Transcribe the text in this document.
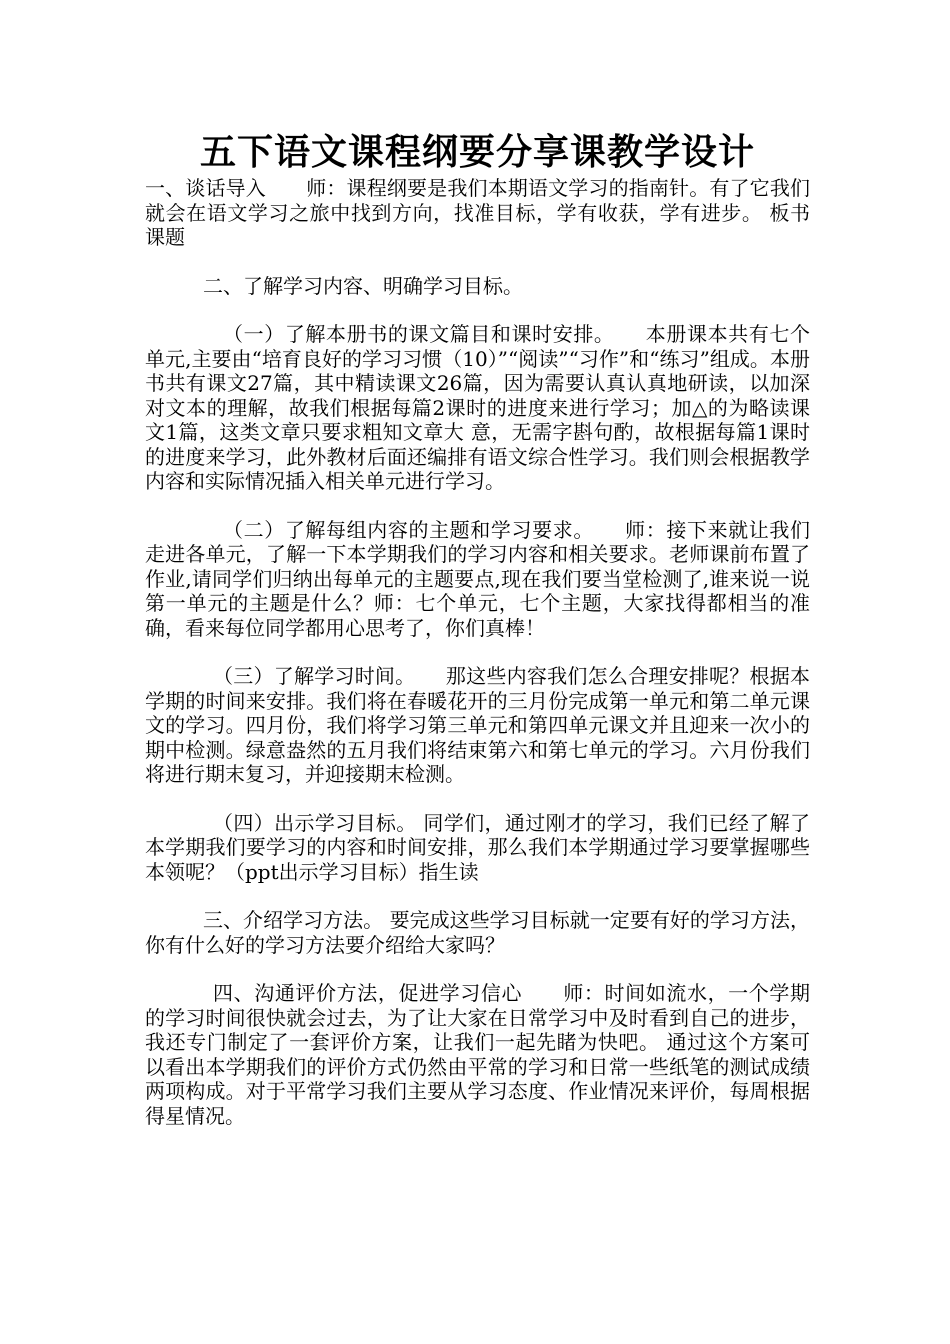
五下语文课程纲要分享课教学设计

一、谈话导入　　师：课程纲要是我们本期语文学习的指南针。有了它我们就会在语文学习之旅中找到方向，找准目标，学有收获，学有进步。 板书课题

二、了解学习内容、明确学习目标。

（一）了解本册书的课文篇目和课时安排。　　本册课本共有七个单元,主要由“培育良好的学习习惯（10）”“阅读”“习作”和“练习”组成。本册书共有课文27篇，其中精读课文26篇，因为需要认真认真地研读，以加深对文本的理解，故我们根据每篇2课时的进度来进行学习；加△的为略读课文1篇，这类文章只要求粗知文章大 意，无需字斟句酌，故根据每篇1课时的进度来学习，此外教材后面还编排有语文综合性学习。我们则会根据教学内容和实际情况插入相关单元进行学习。

（二）了解每组内容的主题和学习要求。　　师：接下来就让我们走进各单元，了解一下本学期我们的学习内容和相关要求。老师课前布置了作业,请同学们归纳出每单元的主题要点,现在我们要当堂检测了,谁来说一说第一单元的主题是什么？师：七个单元，七个主题，大家找得都相当的准确，看来每位同学都用心思考了，你们真棒！

（三）了解学习时间。　　那这些内容我们怎么合理安排呢？根据本学期的时间来安排。我们将在春暖花开的三月份完成第一单元和第二单元课文的学习。四月份，我们将学习第三单元和第四单元课文并且迎来一次小的期中检测。绿意盎然的五月我们将结束第六和第七单元的学习。六月份我们将进行期末复习，并迎接期末检测。

（四）出示学习目标。 同学们，通过刚才的学习，我们已经了解了本学期我们要学习的内容和时间安排，那么我们本学期通过学习要掌握哪些本领呢？（ppt出示学习目标）指生读

三、介绍学习方法。 要完成这些学习目标就一定要有好的学习方法，你有什么好的学习方法要介绍给大家吗？

四、沟通评价方法，促进学习信心　　师：时间如流水，一个学期的学习时间很快就会过去，为了让大家在日常学习中及时看到自己的进步，我还专门制定了一套评价方案，让我们一起先睹为快吧。 通过这个方案可以看出本学期我们的评价方式仍然由平常的学习和日常一些纸笔的测试成绩两项构成。对于平常学习我们主要从学习态度、作业情况来评价，每周根据得星情况。
